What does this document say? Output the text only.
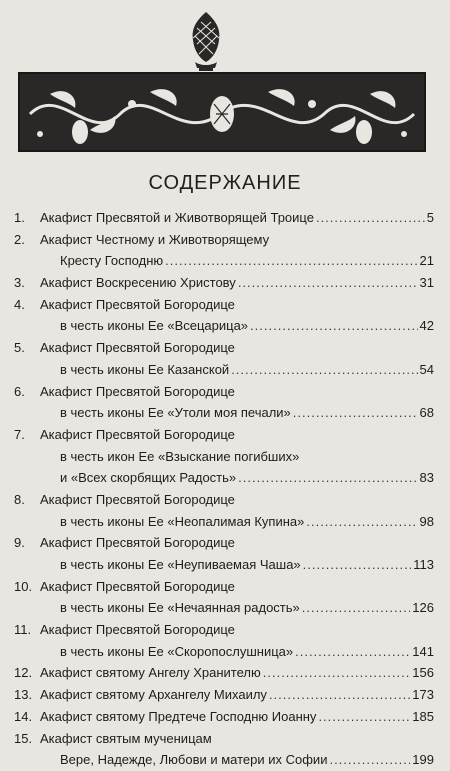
СОДЕРЖАНИЕ
1.	Акафист Пресвятой и Животворящей Троице .....	5
2.	Акафист Честному и Животворящему
Кресту Господню .....	21
3.	Акафист Воскресению Христову .....	31
4.	Акафист Пресвятой Богородице
в честь иконы Ее «Всецарица» .....	42
5.	Акафист Пресвятой Богородице
в честь иконы Ее Казанской .....	54
6.	Акафист Пресвятой Богородице
в честь иконы Ее «Утоли моя печали» .....	68
7.	Акафист Пресвятой Богородице
в честь икон Ее «Взыскание погибших»
и «Всех скорбящих Радость» .....	83
8.	Акафист Пресвятой Богородице
в честь иконы Ее «Неопалимая Купина» .....	98
9.	Акафист Пресвятой Богородице
в честь иконы Ее «Неупиваемая Чаша» .....	113
10. Акафист Пресвятой Богородице
в честь иконы Ее «Нечаянная радость» .....	126
11. Акафист Пресвятой Богородице
в честь иконы Ее «Скоропослушница» .....	141
12. Акафист святому Ангелу Хранителю .....	156
13. Акафист святому Архангелу Михаилу .....	173
14. Акафист святому Предтече Господню Иоанну .....	185
15. Акафист святым мученицам
Вере, Надежде, Любови и матери их Софии .....	199
